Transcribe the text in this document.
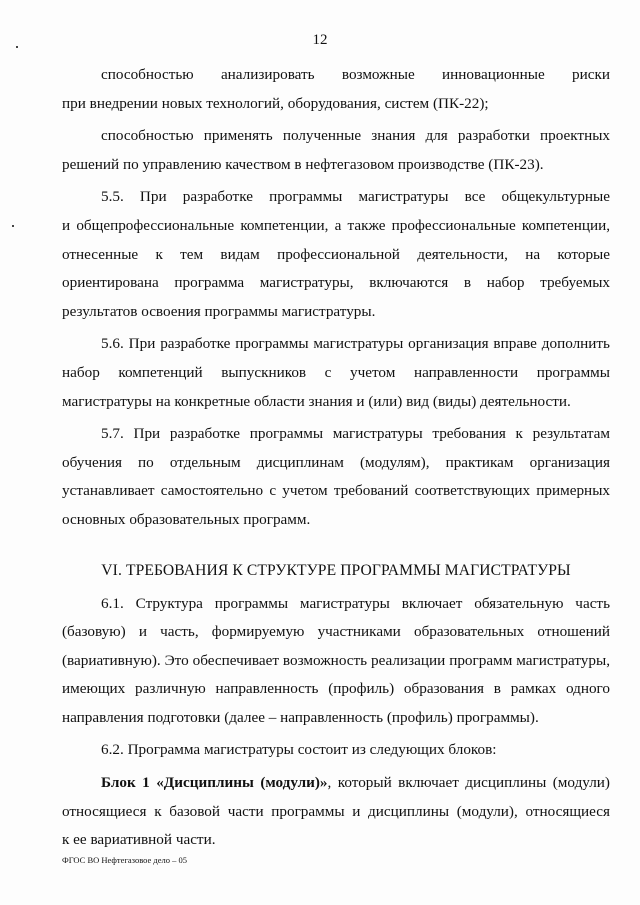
12
способностью анализировать возможные инновационные риски
при внедрении новых технологий, оборудования, систем (ПК-22);
способностью применять полученные знания для разработки проектных
решений по управлению качеством в нефтегазовом производстве (ПК-23).
5.5. При разработке программы магистратуры все общекультурные
и общепрофессиональные компетенции, а также профессиональные компетенции,
отнесенные к тем видам профессиональной деятельности, на которые
ориентирована программа магистратуры, включаются в набор требуемых
результатов освоения программы магистратуры.
5.6. При разработке программы магистратуры организация вправе дополнить
набор компетенций выпускников с учетом направленности программы
магистратуры на конкретные области знания и (или) вид (виды) деятельности.
5.7. При разработке программы магистратуры требования к результатам
обучения по отдельным дисциплинам (модулям), практикам организация
устанавливает самостоятельно с учетом требований соответствующих примерных
основных образовательных программ.
VI. ТРЕБОВАНИЯ К СТРУКТУРЕ ПРОГРАММЫ МАГИСТРАТУРЫ
6.1. Структура программы магистратуры включает обязательную часть
(базовую) и часть, формируемую участниками образовательных отношений
(вариативную). Это обеспечивает возможность реализации программ магистратуры,
имеющих различную направленность (профиль) образования в рамках одного
направления подготовки (далее – направленность (профиль) программы).
6.2. Программа магистратуры состоит из следующих блоков:
Блок 1 «Дисциплины (модули)», который включает дисциплины (модули)
относящиеся к базовой части программы и дисциплины (модули), относящиеся
к ее вариативной части.
ФГОС ВО Нефтегазовое дело – 05
